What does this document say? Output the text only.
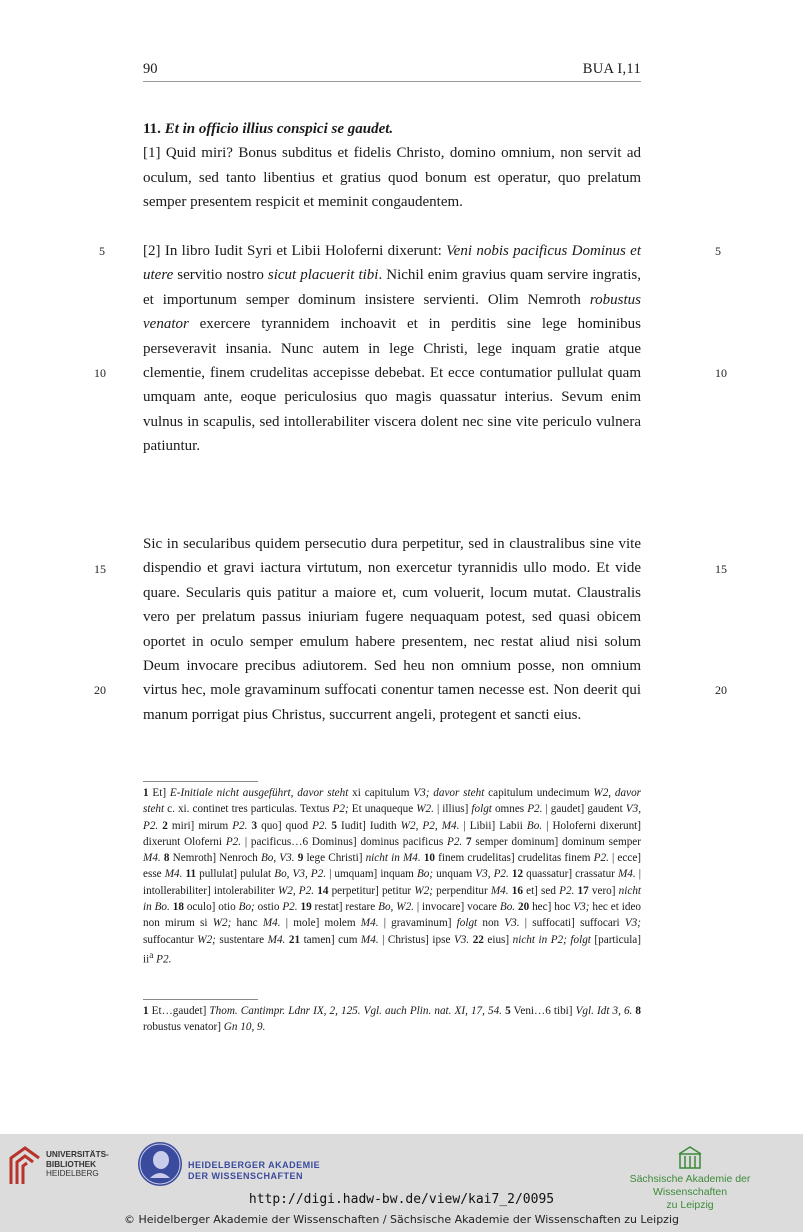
90	BUA I,11

11. Et in officio illius conspici se gaudet.

[1] Quid miri? Bonus subditus et fidelis Christo, domino omnium, non servit ad oculum, sed tanto libentius et gratius quod bonum est operatur, quo prelatum semper presentem respicit et meminit congaudentem.

[2] In libro Iudit Syri et Libii Holoferni dixerunt: Veni nobis pacificus Dominus et utere servitio nostro sicut placuerit tibi. Nichil enim gravius quam servire ingratis, et importunum semper dominum insistere servienti. Olim Nemroth robustus venator exercere tyrannidem inchoavit et in perditis sine lege hominibus perseveravit insania. Nunc autem in lege Christi, lege inquam gratie atque clementie, finem crudelitas accepisse debebat. Et ecce contumatior pullulat quam umquam ante, eoque periculosius quo magis quassatur interius. Sevum enim vulnus in scapulis, sed intollerabiliter viscera dolent nec sine vite periculo vulnera patiuntur.

Sic in secularibus quidem persecutio dura perpetitur, sed in claustralibus sine vite dispendio et gravi iactura virtutum, non exercetur tyrannidis ullo modo. Et vide quare. Secularis quis patitur a maiore et, cum voluerit, locum mutat. Claustralis vero per prelatum passus iniuriam fugere nequaquam potest, sed quasi obicem oportet in oculo semper emulum habere presentem, nec restat aliud nisi solum Deum invocare precibus adiutorem. Sed heu non omnium posse, non omnium virtus hec, mole gravaminum suffocati conentur tamen necesse est. Non deerit qui manum porrigat pius Christus, succurrent angeli, protegent et sancti eius.

5	5
10	10
15	15
20	20
1 Et] E-Initiale nicht ausgeführt, davor steht xi capitulum V3; davor steht capitulum undecimum W2, davor steht c. xi. continet tres particulas. Textus P2; Et unaqueque W2. | illius] folgt omnes P2. | gaudet] gaudent V3, P2. 2 miri] mirum P2. 3 quo] quod P2. 5 Iudit] Iudith W2, P2, M4. | Libii] Labii Bo. | Holoferni dixerunt] dixerunt Oloferni P2. | pacificus…6 Dominus] dominus pacificus P2. 7 semper dominum] dominum semper M4. 8 Nemroth] Nenroch Bo, V3. 9 lege Christi] nicht in M4. 10 finem crudelitas] crudelitas finem P2. | ecce] esse M4. 11 pullulat] pululat Bo, V3, P2. | umquam] inquam Bo; unquam V3, P2. 12 quassatur] crassatur M4. | intollerabiliter] intolerabiliter W2, P2. 14 perpetitur] petitur W2; perpenditur M4. 16 et] sed P2. 17 vero] nicht in Bo. 18 oculo] otio Bo; ostio P2. 19 restat] restare Bo, W2. | invocare] vocare Bo. 20 hec] hoc V3; hec et ideo non mirum si W2; hanc M4. | mole] molem M4. | gravaminum] folgt non V3. | suffocati] suffocari V3; suffocantur W2; sustentare M4. 21 tamen] cum M4. | Christus] ipse V3. 22 eius] nicht in P2; folgt [particula] $ii^a$ P2.
1 Et…gaudet] Thom. Cantimpr. Ldnr IX, 2, 125. Vgl. auch Plin. nat. XI, 17, 54. 5 Veni…6 tibi] Vgl. Idt 3, 6. 8 robustus venator] Gn 10, 9.
UNIVERSITÄTS-
BIBLIOTHEK
HEIDELBERG
HEIDELBERGER AKADEMIE
DER WISSENSCHAFTEN	Sächsische Akademie der Wissenschaften
zu Leipzig
http://digi.hadw-bw.de/view/kai7_2/0095
© Heidelberger Akademie der Wissenschaften / Sächsische Akademie der Wissenschaften zu Leipzig
